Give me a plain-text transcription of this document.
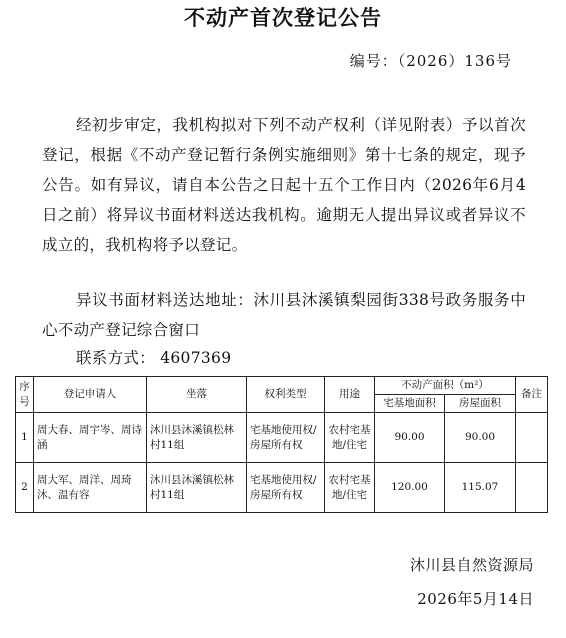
不动产首次登记公告
编号：（2026）136号

经初步审定，我机构拟对下列不动产权利（详见附表）予以首次登记，根据《不动产登记暂行条例实施细则》第十七条的规定，现予公告。如有异议，请自本公告之日起十五个工作日内（2026年6月4日之前）将异议书面材料送达我机构。逾期无人提出异议或者异议不成立的，我机构将予以登记。

异议书面材料送达地址：沐川县沐溪镇梨园街338号政务服务中心不动产登记综合窗口

联系方式： 4607369
序号	登记申请人	坐落	权利类型	用途	不动产面积（m²）		备注
					宅基地面积	房屋面积	
1	周大春、周宇岑、周诗涵	沐川县沐溪镇松林村11组	宅基地使用权/房屋所有权	农村宅基地/住宅	90.00	90.00	
2	周大军、周洋、周琦沐、温有容	沐川县沐溪镇松林村11组	宅基地使用权/房屋所有权	农村宅基地/住宅	120.00	115.07	
沐川县自然资源局
2026年5月14日
